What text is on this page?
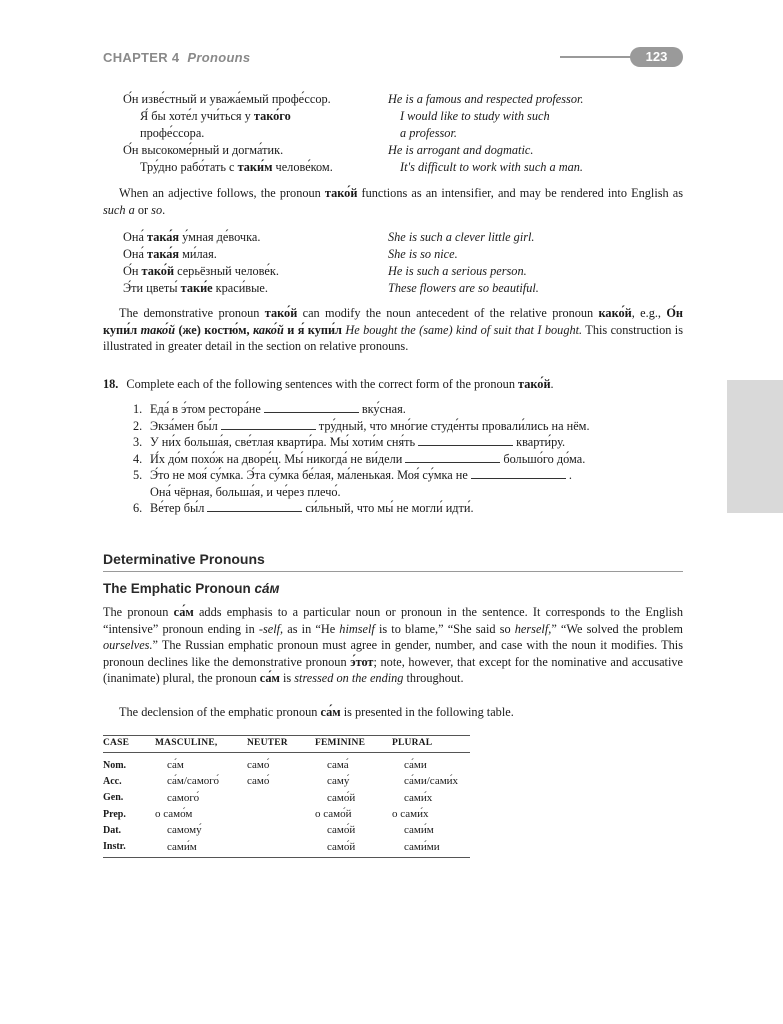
CHAPTER 4 Pronouns	123
О́н изве́стный и уважа́емый профе́ссор.	He is a famous and respected professor.
Я́ бы хоте́л учи́ться у тако́го	I would like to study with such
профе́ссора.	a professor.
О́н высокоме́рный и догма́тик.	He is arrogant and dogmatic.
Тру́дно рабо́тать с таки́м челове́ком.	It's difficult to work with such a man.

When an adjective follows, the pronoun тако́й functions as an intensifier, and may be rendered into English as such a or so.

Она́ така́я у́мная де́вочка.	She is such a clever little girl.
Она́ така́я ми́лая.	She is so nice.
О́н тако́й серьёзный челове́к.	He is such a serious person.
Э́ти цветы́ таки́е краси́вые.	These flowers are so beautiful.

The demonstrative pronoun тако́й can modify the noun antecedent of the relative pronoun како́й, e.g., О́н купи́л тако́й (же) костю́м, како́й и я́ купи́л He bought the (same) kind of suit that I bought. This construction is illustrated in greater detail in the section on relative pronouns.

18. Complete each of the following sentences with the correct form of the pronoun тако́й.
1. Еда́ в э́том рестора́не	вку́сная.
2. Экза́мен бы́л	тру́дный, что мно́гие студе́нты провали́лись на нём.
3. У ни́х больша́я, све́тлая кварти́ра. Мы́ хоти́м сня́ть	кварти́ру.
4. И́х до́м похо́ж на дворе́ц. Мы́ никогда́ не ви́дели	большо́го до́ма.
5. Э́то не моя́ су́мка. Э́та су́мка бе́лая, ма́ленькая. Моя́ су́мка не	.
Она́ чёрная, больша́я, и че́рез плечо́.
6. Ве́тер бы́л	си́льный, что мы́ не могли́ идти́.
Determinative Pronouns
The Emphatic Pronoun са́м

The pronoun са́м adds emphasis to a particular noun or pronoun in the sentence. It corresponds to the English “intensive” pronoun ending in -self, as in “He himself is to blame,” “She said so herself,” “We solved the problem ourselves.” The Russian emphatic pronoun must agree in gender, number, and case with the noun it modifies. This pronoun declines like the demonstrative pronoun э́тот; note, however, that except for the nominative and accusative (inanimate) plural, the pronoun са́м is stressed on the ending throughout.

The declension of the emphatic pronoun са́м is presented in the following table.

CASE	MASCULINE,	NEUTER	FEMININE	PLURAL
Nom.	са́м	само́	сама́	са́ми
Acc.	са́м/самого́	само́	саму́	са́ми/сами́х
Gen.	самого́		само́й	сами́х
Prep.	о само́м		о само́й	о сами́х
Dat.	самому́		само́й	сами́м
Instr.	сами́м		само́й	сами́ми
